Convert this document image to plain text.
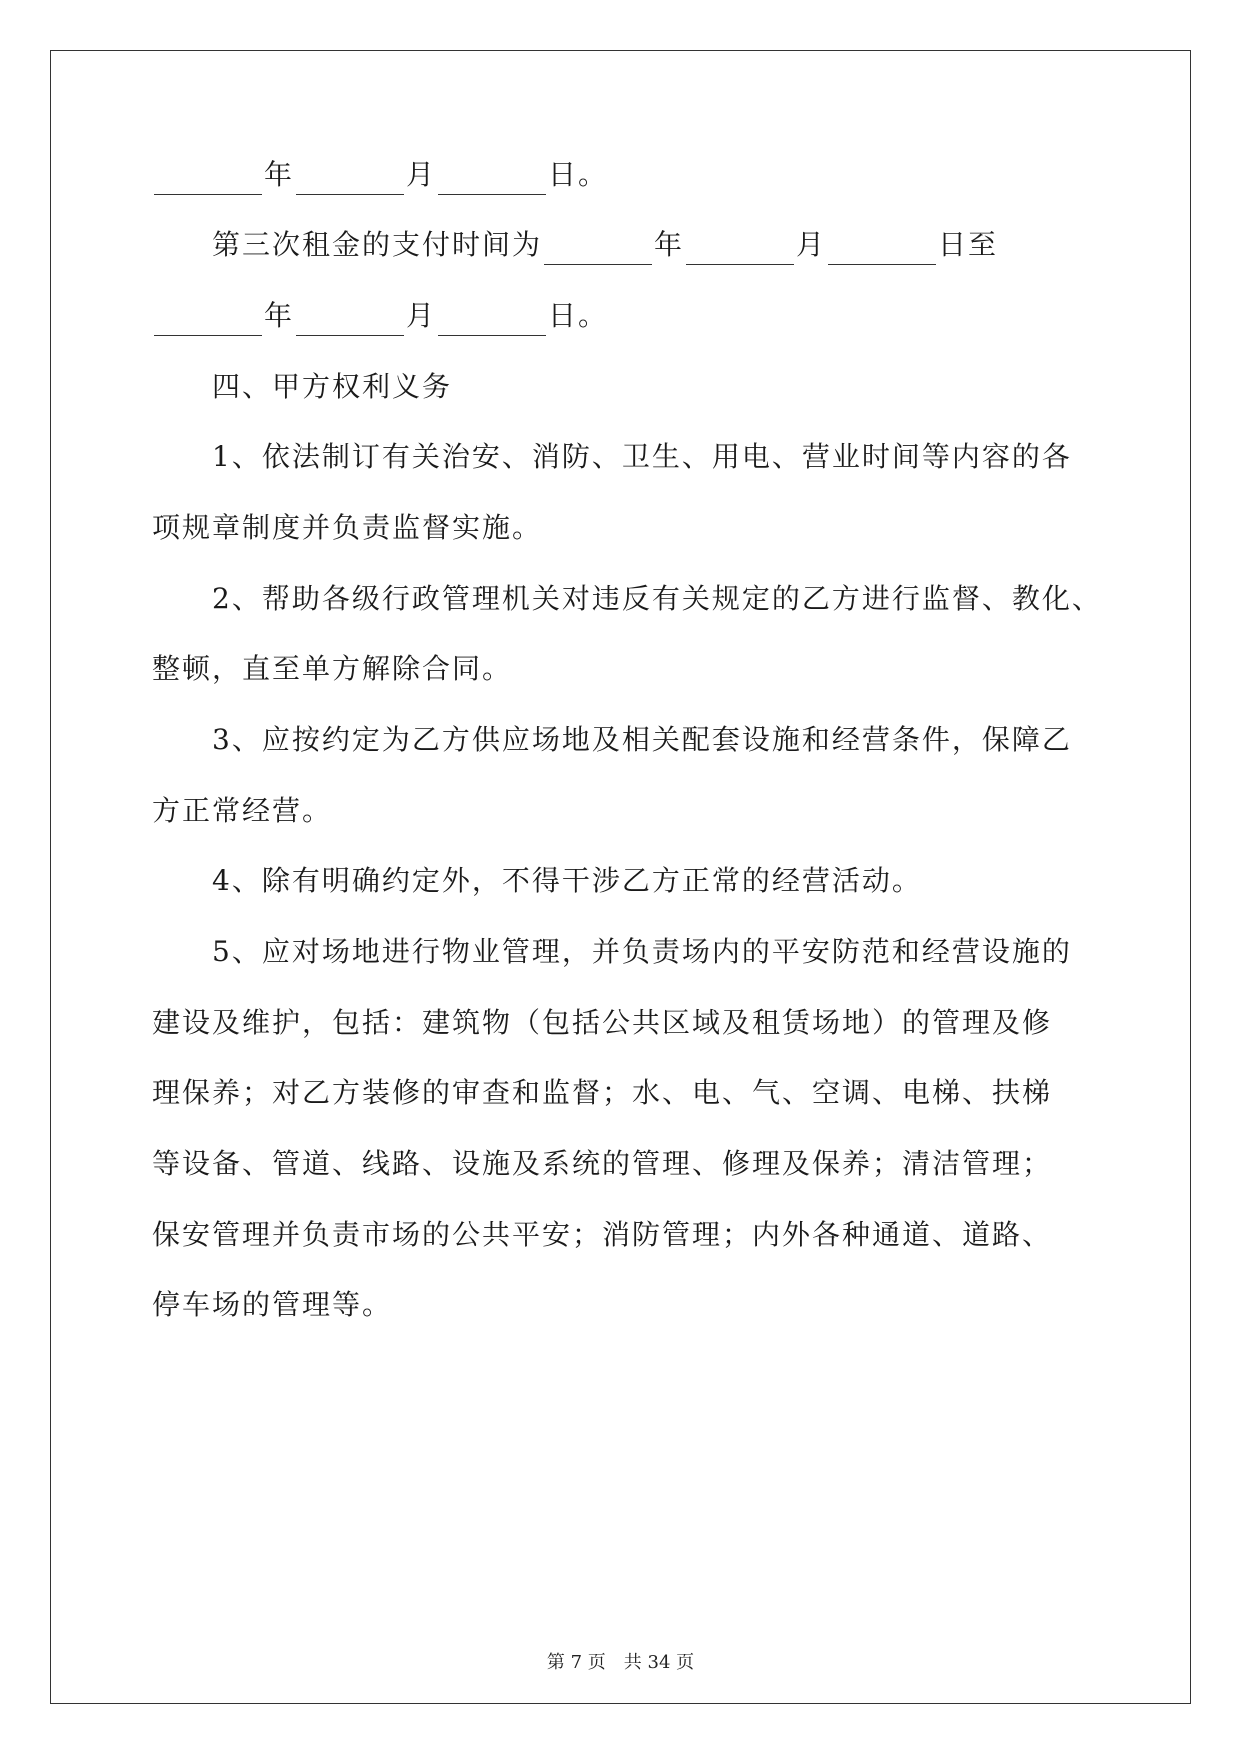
年	月	日。
第三次租金的支付时间为	年	月	日至
年	月	日。
四、甲方权利义务
1、依法制订有关治安、消防、卫生、用电、营业时间等内容的各
项规章制度并负责监督实施。
2、帮助各级行政管理机关对违反有关规定的乙方进行监督、教化、
整顿，直至单方解除合同。
3、应按约定为乙方供应场地及相关配套设施和经营条件，保障乙
方正常经营。
4、除有明确约定外，不得干涉乙方正常的经营活动。
5、应对场地进行物业管理，并负责场内的平安防范和经营设施的
建设及维护，包括：建筑物（包括公共区域及租赁场地）的管理及修
理保养；对乙方装修的审查和监督；水、电、气、空调、电梯、扶梯
等设备、管道、线路、设施及系统的管理、修理及保养；清洁管理；
保安管理并负责市场的公共平安；消防管理；内外各种通道、道路、
停车场的管理等。
第 7 页　共 34 页
